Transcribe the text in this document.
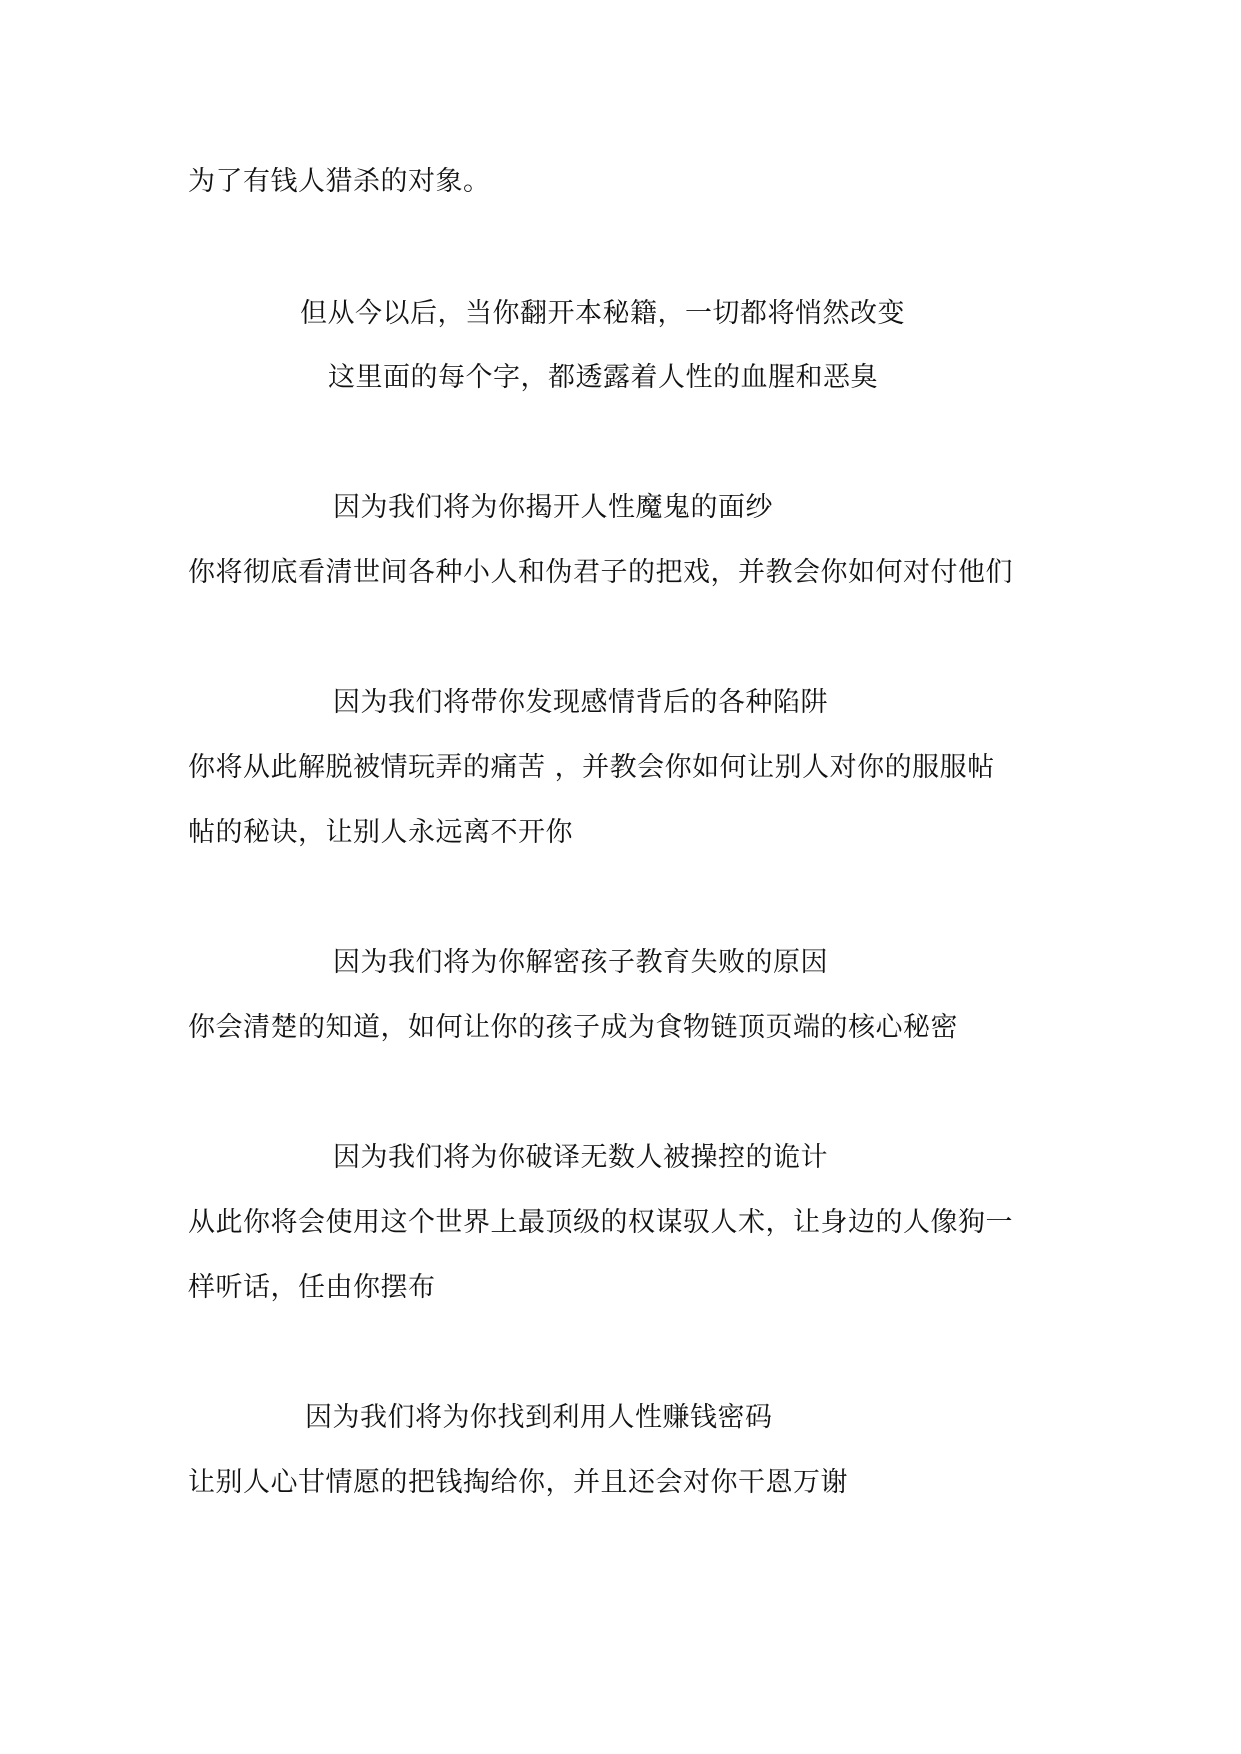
为了有钱人猎杀的对象。
但从今以后，当你翻开本秘籍，一切都将悄然改变
这里面的每个字，都透露着人性的血腥和恶臭
因为我们将为你揭开人性魔鬼的面纱
你将彻底看清世间各种小人和伪君子的把戏，并教会你如何对付他们
因为我们将带你发现感情背后的各种陷阱
你将从此解脱被情玩弄的痛苦 ，并教会你如何让别人对你的服服帖
帖的秘诀，让别人永远离不开你
因为我们将为你解密孩子教育失败的原因
你会清楚的知道，如何让你的孩子成为食物链顶页端的核心秘密
因为我们将为你破译无数人被操控的诡计
从此你将会使用这个世界上最顶级的权谋驭人术，让身边的人像狗一
样听话，任由你摆布
因为我们将为你找到利用人性赚钱密码
让别人心甘情愿的把钱掏给你，并且还会对你干恩万谢
